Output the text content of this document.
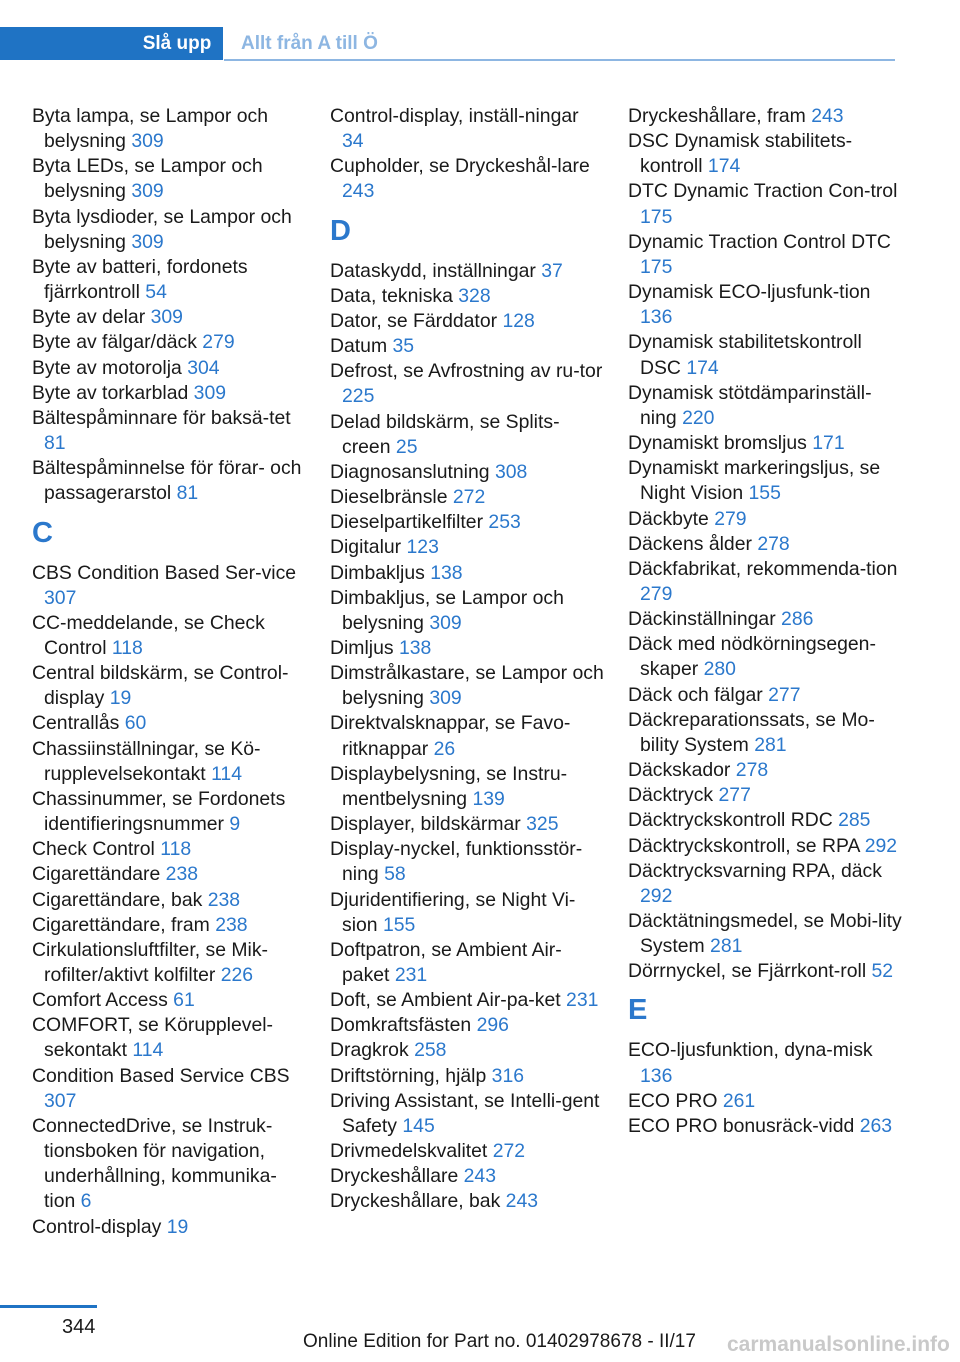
Slå upp	Allt från A till Ö
Byta lampa, se Lampor och belysning 309
Byta LEDs, se Lampor och belysning 309
Byta lysdioder, se Lampor och belysning 309
Byte av batteri, fordonets fjärrkontroll 54
Byte av delar 309
Byte av fälgar/däck 279
Byte av motorolja 304
Byte av torkarblad 309
Bältespåminnare för baksä-tet 81
Bältespåminnelse för förar- och passagerarstol 81
C
CBS Condition Based Ser-vice 307
CC-meddelande, se Check Control 118
Central bildskärm, se Control-display 19
Centrallås 60
Chassiinställningar, se Kö-rupplevelsekontakt 114
Chassinummer, se Fordonets identifieringsnummer 9
Check Control 118
Cigarettändare 238
Cigarettändare, bak 238
Cigarettändare, fram 238
Cirkulationsluftfilter, se Mik-rofilter/aktivt kolfilter 226
Comfort Access 61
COMFORT, se Körupplevel-sekontakt 114
Condition Based Service CBS 307
ConnectedDrive, se Instruk-tionsboken för navigation, underhållning, kommunika-tion 6
Control-display 19
Control-display, inställ-ningar 34
Cupholder, se Dryckeshål-lare 243
D
Dataskydd, inställningar 37
Data, tekniska 328
Dator, se Färddator 128
Datum 35
Defrost, se Avfrostning av ru-tor 225
Delad bildskärm, se Splits-creen 25
Diagnosanslutning 308
Dieselbränsle 272
Dieselpartikelfilter 253
Digitalur 123
Dimbakljus 138
Dimbakljus, se Lampor och belysning 309
Dimljus 138
Dimstrålkastare, se Lampor och belysning 309
Direktvalsknappar, se Favo-ritknappar 26
Displaybelysning, se Instru-mentbelysning 139
Displayer, bildskärmar 325
Display-nyckel, funktionsstör-ning 58
Djuridentifiering, se Night Vi-sion 155
Doftpatron, se Ambient Air-paket 231
Doft, se Ambient Air-pa-ket 231
Domkraftsfästen 296
Dragkrok 258
Driftstörning, hjälp 316
Driving Assistant, se Intelli-gent Safety 145
Drivmedelskvalitet 272
Dryckeshållare 243
Dryckeshållare, bak 243
Dryckeshållare, fram 243
DSC Dynamisk stabilitets-kontroll 174
DTC Dynamic Traction Con-trol 175
Dynamic Traction Control DTC 175
Dynamisk ECO-ljusfunk-tion 136
Dynamisk stabilitetskontroll DSC 174
Dynamisk stötdämparinställ-ning 220
Dynamiskt bromsljus 171
Dynamiskt markeringsljus, se Night Vision 155
Däckbyte 279
Däckens ålder 278
Däckfabrikat, rekommenda-tion 279
Däckinställningar 286
Däck med nödkörningsegen-skaper 280
Däck och fälgar 277
Däckreparationssats, se Mo-bility System 281
Däckskador 278
Däcktryck 277
Däcktryckskontroll RDC 285
Däcktryckskontroll, se RPA 292
Däcktrycksvarning RPA, däck 292
Däcktätningsmedel, se Mobi-lity System 281
Dörrnyckel, se Fjärrkont-roll 52
E
ECO-ljusfunktion, dyna-misk 136
ECO PRO 261
ECO PRO bonusräck-vidd 263
344
Online Edition for Part no. 01402978678 - II/17 carmanualsonline.info
